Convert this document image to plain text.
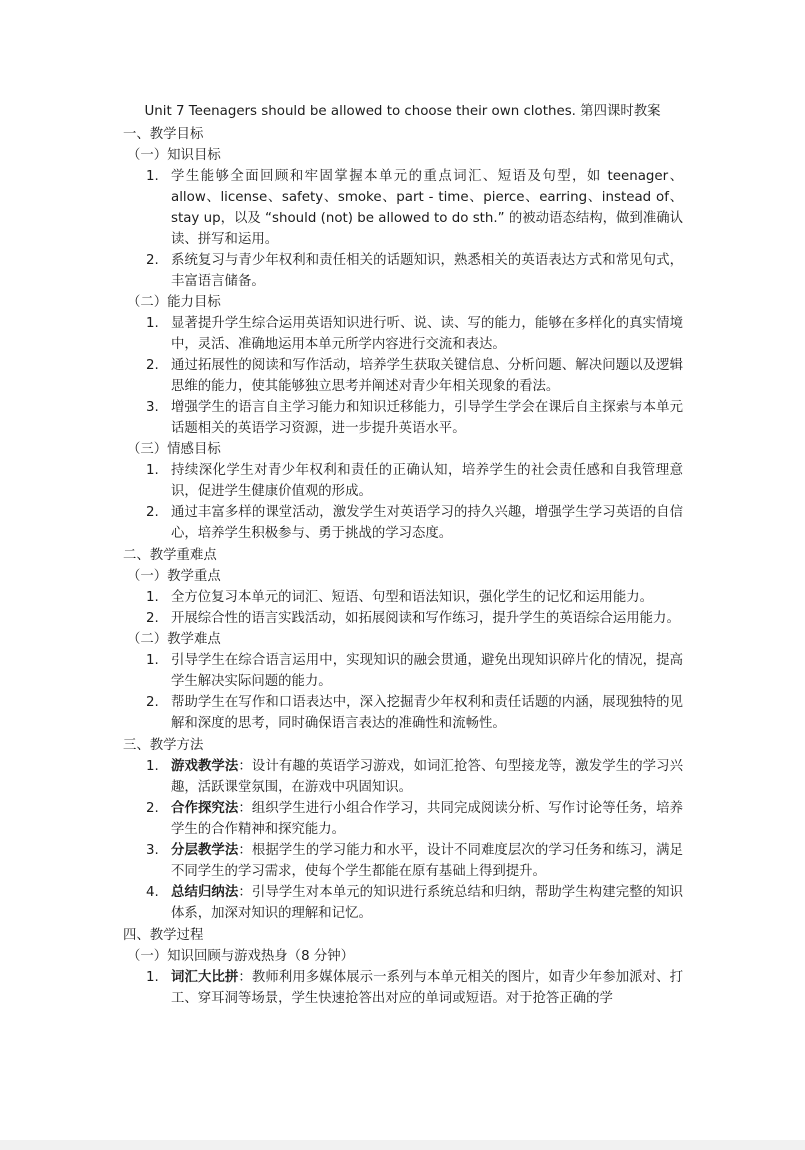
Unit 7 Teenagers should be allowed to choose their own clothes. 第四课时教案
一、教学目标
（一）知识目标
1. 学生能够全面回顾和牢固掌握本单元的重点词汇、短语及句型，如 teenager、allow、license、safety、smoke、part - time、pierce、earring、instead of、stay up，以及 “should (not) be allowed to do sth.” 的被动语态结构，做到准确认读、拼写和运用。
2. 系统复习与青少年权利和责任相关的话题知识，熟悉相关的英语表达方式和常见句式，丰富语言储备。
（二）能力目标
1. 显著提升学生综合运用英语知识进行听、说、读、写的能力，能够在多样化的真实情境中，灵活、准确地运用本单元所学内容进行交流和表达。
2. 通过拓展性的阅读和写作活动，培养学生获取关键信息、分析问题、解决问题以及逻辑思维的能力，使其能够独立思考并阐述对青少年相关现象的看法。
3. 增强学生的语言自主学习能力和知识迁移能力，引导学生学会在课后自主探索与本单元话题相关的英语学习资源，进一步提升英语水平。
（三）情感目标
1. 持续深化学生对青少年权利和责任的正确认知，培养学生的社会责任感和自我管理意识，促进学生健康价值观的形成。
2. 通过丰富多样的课堂活动，激发学生对英语学习的持久兴趣，增强学生学习英语的自信心，培养学生积极参与、勇于挑战的学习态度。
二、教学重难点
（一）教学重点
1. 全方位复习本单元的词汇、短语、句型和语法知识，强化学生的记忆和运用能力。
2. 开展综合性的语言实践活动，如拓展阅读和写作练习，提升学生的英语综合运用能力。
（二）教学难点
1. 引导学生在综合语言运用中，实现知识的融会贯通，避免出现知识碎片化的情况，提高学生解决实际问题的能力。
2. 帮助学生在写作和口语表达中，深入挖掘青少年权利和责任话题的内涵，展现独特的见解和深度的思考，同时确保语言表达的准确性和流畅性。
三、教学方法
1. 游戏教学法：设计有趣的英语学习游戏，如词汇抢答、句型接龙等，激发学生的学习兴趣，活跃课堂氛围，在游戏中巩固知识。
2. 合作探究法：组织学生进行小组合作学习，共同完成阅读分析、写作讨论等任务，培养学生的合作精神和探究能力。
3. 分层教学法：根据学生的学习能力和水平，设计不同难度层次的学习任务和练习，满足不同学生的学习需求，使每个学生都能在原有基础上得到提升。
4. 总结归纳法：引导学生对本单元的知识进行系统总结和归纳，帮助学生构建完整的知识体系，加深对知识的理解和记忆。
四、教学过程
（一）知识回顾与游戏热身（8 分钟）
1. 词汇大比拼：教师利用多媒体展示一系列与本单元相关的图片，如青少年参加派对、打工、穿耳洞等场景，学生快速抢答出对应的单词或短语。对于抢答正确的学
